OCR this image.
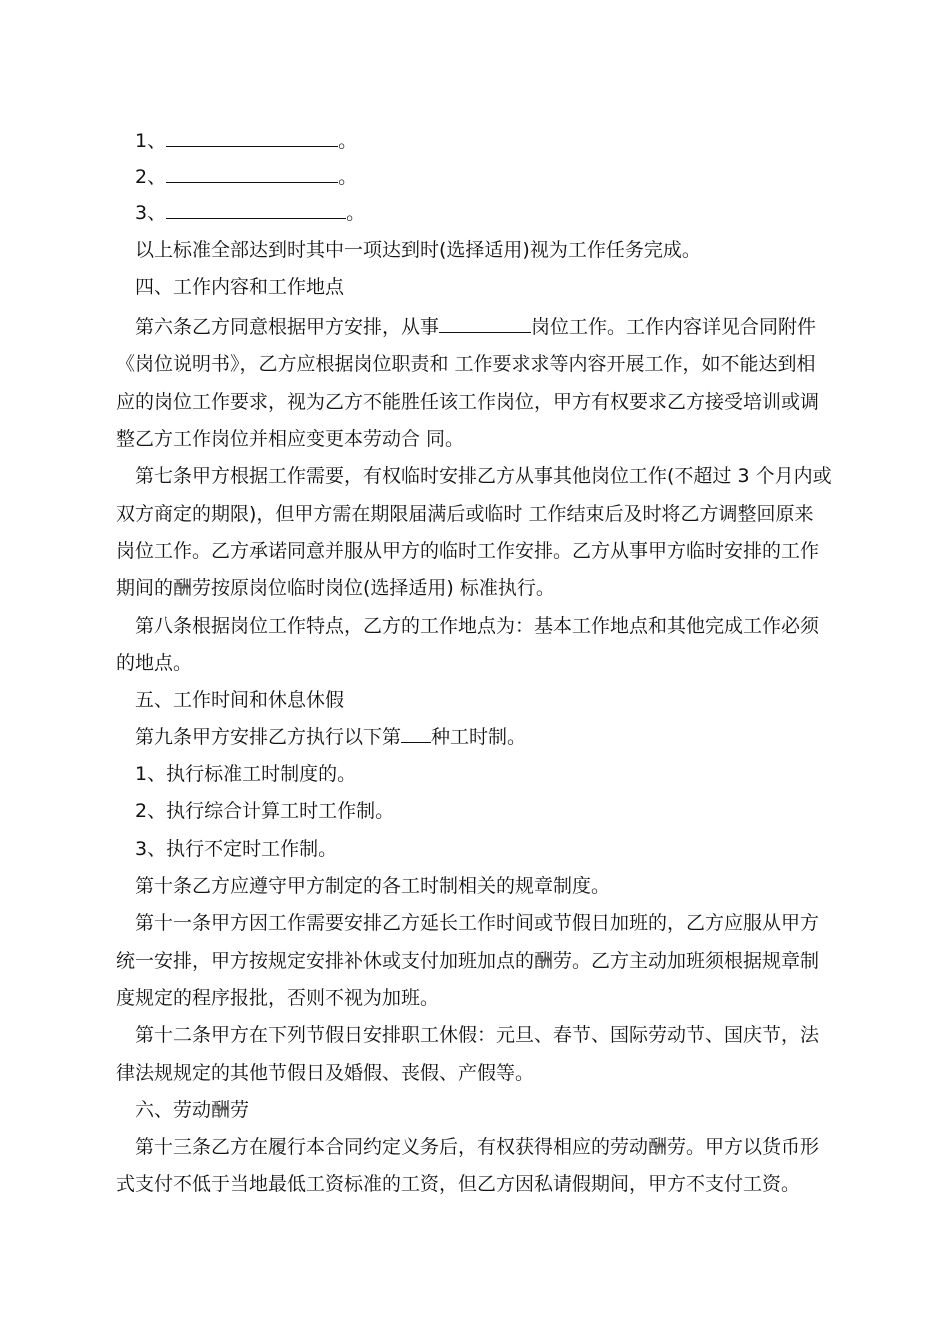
1、	。
2、	。
3、	。
以上标准全部达到时其中一项达到时(选择适用)视为工作任务完成。
四、工作内容和工作地点
第六条乙方同意根据甲方安排，从事	岗位工作。工作内容详见合同附件
《岗位说明书》，乙方应根据岗位职责和 工作要求求等内容开展工作，如不能达到相
应的岗位工作要求，视为乙方不能胜任该工作岗位，甲方有权要求乙方接受培训或调
整乙方工作岗位并相应变更本劳动合 同。
第七条甲方根据工作需要，有权临时安排乙方从事其他岗位工作(不超过 3 个月内或
双方商定的期限)，但甲方需在期限届满后或临时 工作结束后及时将乙方调整回原来
岗位工作。乙方承诺同意并服从甲方的临时工作安排。乙方从事甲方临时安排的工作
期间的酬劳按原岗位临时岗位(选择适用) 标准执行。
第八条根据岗位工作特点，乙方的工作地点为：基本工作地点和其他完成工作必须
的地点。
五、工作时间和休息休假
第九条甲方安排乙方执行以下第 种工时制。
1、执行标准工时制度的。
2、执行综合计算工时工作制。
3、执行不定时工作制。
第十条乙方应遵守甲方制定的各工时制相关的规章制度。
第十一条甲方因工作需要安排乙方延长工作时间或节假日加班的，乙方应服从甲方
统一安排，甲方按规定安排补休或支付加班加点的酬劳。乙方主动加班须根据规章制
度规定的程序报批，否则不视为加班。
第十二条甲方在下列节假日安排职工休假：元旦、春节、国际劳动节、国庆节，法
律法规规定的其他节假日及婚假、丧假、产假等。
六、劳动酬劳
第十三条乙方在履行本合同约定义务后，有权获得相应的劳动酬劳。甲方以货币形
式支付不低于当地最低工资标准的工资，但乙方因私请假期间，甲方不支付工资。
